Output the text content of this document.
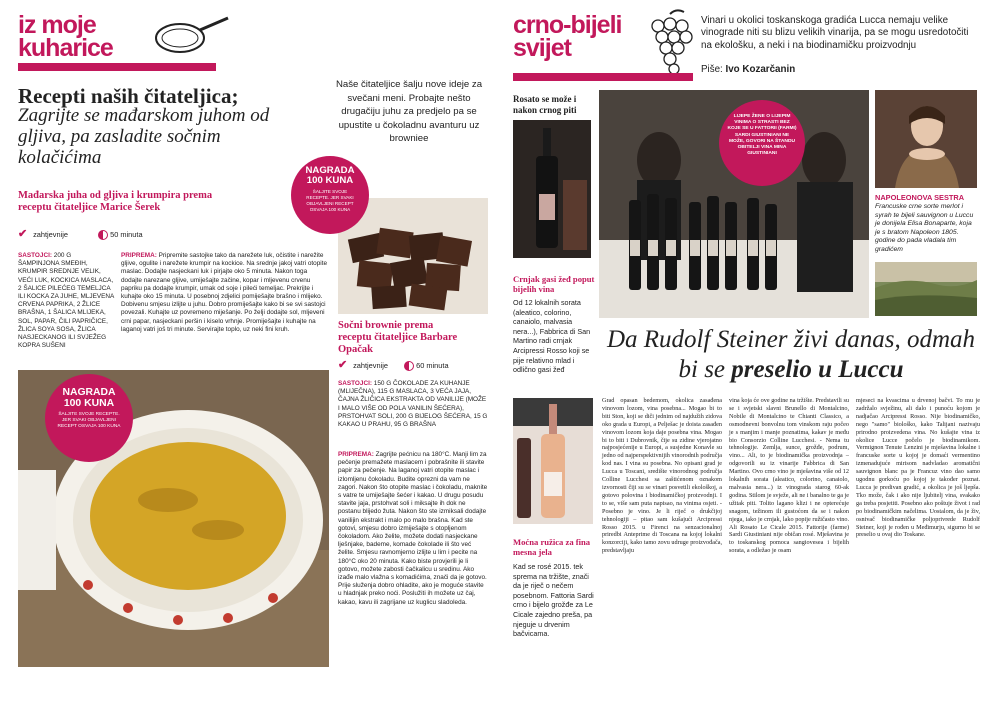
iz moje
kuharice
Recepti naših čitateljica;
Zagrijte se mađarskom juhom od gljiva, pa zasladite sočnim kolačićima
Naše čitateljice šalju nove ideje za svečani meni. Probajte nešto drugačiju juhu za predjelo pa se upustite u čokoladnu avanturu uz browniee
Mađarska juha od gljiva i krumpira prema receptu čitateljice Marice Šerek
✔ zahtjevnije	50 minuta
SASTOJCI: 200 G ŠAMPINJONA SMEĐIH, KRUMPIR SREDNJE VELIK, VEĆI LUK, KOCKICA MASLACA, 2 ŠALICE PILEĆEG TEMELJCA ILI KOCKA ZA JUHE, MLJEVENA CRVENA PAPRIKA, 2 ŽLICE BRAŠNA, 1 ŠALICA MLIJEKA, SOL, PAPAR, ČILI PAPRIČICE, ŽLICA SOYA SOSA, ŽLICA NASJECKANOG ILI SVJEŽEG KOPRA SUŠENI
PRIPREMA: Pripremite sastojke tako da narežete luk, očistite i narežite gljive, ogulite i narežete krumpir na kockice. Na srednje jakoj vatri otopite maslac. Dodajte nasjeckani luk i pirjajte oko 5 minuta. Nakon toga dodajte narezane gljive, umiješajte začine, kopar i mljevenu crvenu papriku pa dodajte krumpir, umak od soje i pileći temeljac. Prekrijte i kuhajte oko 15 minuta. U posebnoj zdjelici pomiješajte brašno i mlijeko. Dobivenu smjesu izlijte u juhu. Dobro promiješajte kako bi se svi sastojci povezali. Kuhajte uz povremeno miješanje. Po želji dodajte sol, mljeveni crni papar, nasjeckani peršin i kiselo vrhnje. Promiješajte i kuhajte na laganoj vatri još tri minute. Servirajte toplo, uz neki fini kruh.
NAGRADA 100 KUNA
ŠALJITE SVOJE RECEPTE. JER SVAKI OBJAVLJENI RECEPT OSVAJA 100 KUNA
Sočni brownie prema receptu čitateljice Barbare Opačak
✔ zahtjevnije	60 minuta
SASTOJCI: 150 G ČOKOLADE ZA KUHANJE (MLIJEČNA), 115 G MASLACA, 3 VEĆA JAJA, ČAJNA ŽLIČICA EKSTRAKTA OD VANILIJE (MOŽE I MALO VIŠE OD POLA VANILIN ŠEĆERA), PRSTOHVAT SOLI, 200 G BIJELOG ŠEĆERA, 15 G KAKAO U PRAHU, 95 G BRAŠNA
PRIPREMA: Zagrijte pećnicu na 180°C. Manji lim za pečenje premažete maslacem i pobrašnite ili stavite papir za pečenje. Na laganoj vatri otopite maslac i izlomljenu čokoladu. Budite oprezni da vam ne zagori. Nakon što otopite maslac i čokoladu, maknite s vatre te umiješajte šećer i kakao. U drugu posudu stavite jaja, prstohvat soli i miksajte ih dok ne postanu blijedo žuta. Nakon što ste izmiksali dodajte vanilijin ekstrakt i malo po malo brašna. Kad ste gotovi, smjesu dobro izmiješajte s otopljenom čokoladom. Ako želite, možete dodati nasjeckane lješnjake, bademe, komade čokolade ili što već želite. Smjesu ravnomjerno izlijte u lim i pecite na 180°C oko 20 minuta. Kako biste provjerili je li gotovo, možete zabosti čačkalicu u sredinu. Ako izađe malo vlažna s komadićima, znači da je gotovo. Prije služenja dobro ohladite, ako je moguće stavite u hladnjak preko noći. Poslužiti ih možete uz čaj, kakao, kavu ili zagrijane uz kuglicu sladoleda.
NAGRADA 100 KUNA
ŠALJITE SVOJE RECEPTE. JER SVAKI OBJAVLJENI RECEPT OSVAJA 100 KUNA
crno-bijeli
svijet
Vinari u okolici toskanskoga gradića Lucca nemaju velike vinograde niti su blizu velikih vinarija, pa se mogu usredotočiti na ekološku, a neki i na biodinamičku proizvodnju
Piše: Ivo Kozarčanin
Rosato se može i nakon crnog piti
Crnjak gasi žeđ poput bijelih vina
Od 12 lokalnih sorata (aleatico, colorino, canaiolo, malvasia nera...), Fabbrica di San Martino radi crnjak Arcipressi Rosso koji se pije relativno mlad i odlično gasi žeđ
Moćna ružica za fina mesna jela
Kad se rosé 2015. tek sprema na tržište, znači da je riječ o nečem posebnom. Fattoria Sardi crno i bijelo grožđe za Le Cicale zajedno preša, pa njeguje u drvenim bačvicama.
LIJEPE ŽENE O LIJEPIM VINIMA O STRASTI BEZ KOJE SE U FATTORII (FARMI) SARDI GIUSTINIANI NE MOŽE, GOVORI NA ŠTANDU OBITELJI VINA MINA GIUSTINIANI
NAPOLEONOVA SESTRA
Francuske crne sorte merlot i syrah te bijeli sauvignon u Luccu je donijela Elisa Bonaparte, koja je s bratom Napoleon 1805. godine do pada vladala tim gradićem
Da Rudolf Steiner živi danas, odmah bi se preselio u Luccu
Grad opasan bedemom, okolica zasađena vinovom lozom, vina posebna... Mogao bi to biti Ston, koji se diči jednim od najdužih zidova oko grada u Europi, a Pelješac je doista zasađen vinovom lozom koja daje posebna vina. Mogao bi to biti i Dubrovnik, čije su zidine vjerojatno najposjećenije u Europi, a susjedne Konavle su jedno od najperspektivnijih vinorodnih područja kod nas. I vina su posebna. No opisani grad je Lucca u Toscani, središte vinorodnog područja Colline Lucchesi sa zaštićenom oznakom izvornosti čiji su se vinari posvetili ekološkoj, a gotovo polovina i biodinamičkoj proizvodnji. I to se, više sam puta napisao, na vinima osjeti. - Posebno je vino. Je li riječ o drukčijoj tehnologiji – pitao sam kušajući Arcipressi Rosso 2015. u Firenci na senzacionalnoj priredbi Anteprime di Toscana na kojoj lokalni konzorciji, kako tamo zovu udruge proizvođača, predstavljaju
vina koja će ove godine na tržište. Predstavili su se i svjetski slavni Brunello di Montalcino, Nobile di Montalcino te Chianti Classico, a osmodnevni bonvolnu tom vinskom raju počeo je s manjim i manje poznatima, kakav je među bio Consorzio Colline Lucchesi. - Nema tu tehnologije. Zemlja, sunce, grožđe, podrum, vino... Ali, to je biodinamička proizvodnja – odgovorili su iz vinarije Fabbrica di San Martino. Ovo crno vino je mješavina više od 12 lokalnih sorata (aleatico, colorino, canaiolo, malvasia nera...) iz vinograda starog 60-ak godina. Stilom je svježe, ali ne i banalno te ga je užitak piti. Tolito lagano klizi i ne opterećuje snagom, težinom ili gustoćom da se i nakon njega, iako je crnjak, lako popije ružičasto vino. Ali Rosato Le Cicale 2015. Fattorije (farme) Sardi Giustiniani nije običan rosé. Mješavina je to toskanskog pomoca sangiovesea i bijelih sorata, a odležao je osam
mjeseci na kvascima u drvenoj bačvi. To mu je zadržalo svježinu, ali dalo i punoću kojom je nadjačao Arcipressi Rosso. Nije biodinamičko, nego "samo" biološko, kako Talijani nazivaju prirodno proizvedena vina. No kušajte vina iz okolice Lucce počelo je biodinamikom. Vermignon Tenute Lenzini je mješavina lokalne i francuske sorte u kojoj je domaći vermentino izmenadujuće mirisom nadvladao aromatični sauvignon blanc pa je Francuz vino dao samo ugodnu gorkoću po kojoj je također poznat. Lucca je predivan gradić, a okolica je još ljepša. Tko može, čak i ako nije ljubitelj vina, svakako ga treba posjetiti. Posebno ako poštuje život i rad po biodinamičkim načelima. Uostalom, da je živ, osnivač biodinamičke poljoprivrede Rudolf Steiner, koji je rođen u Međimurju, sigurno bi se preselio u ovaj dio Toskane.
